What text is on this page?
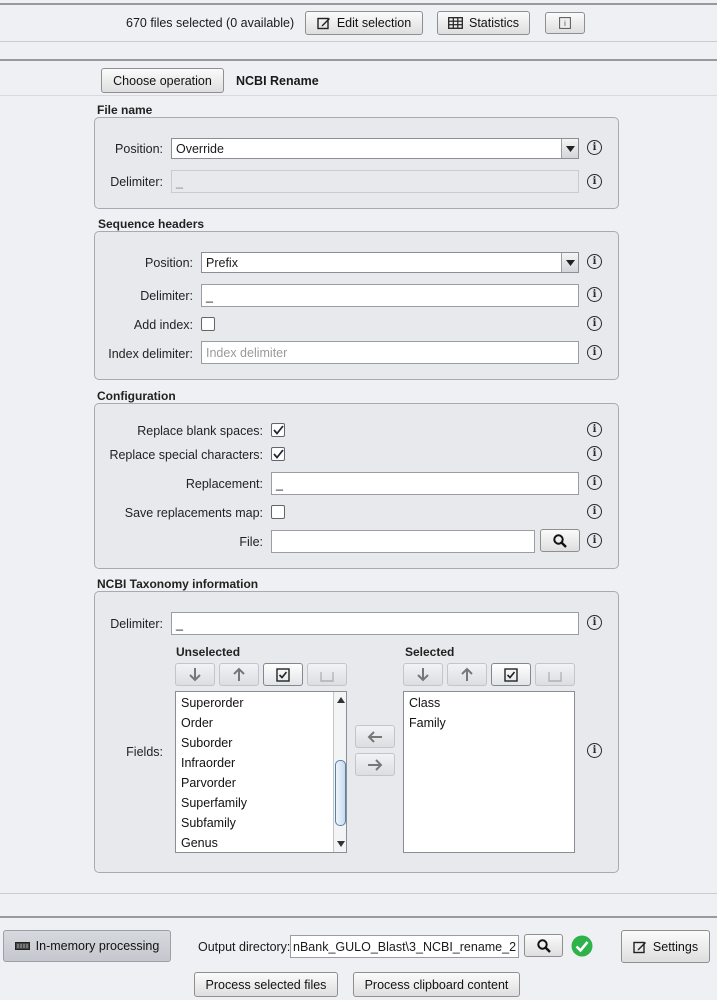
670 files selected (0 available)	Edit selection	Statistics	i
Choose operation NCBI Rename
File name
Position: Override	i
Delimiter: _	i
Sequence headers
Position: Prefix	i
Delimiter: _	i
Add index:	i
Index delimiter: Index delimiter	i
Configuration
Replace blank spaces:	i
Replace special characters:	i
Replacement: _	i
Save replacements map:	i
File:	i
NCBI Taxonomy information
Delimiter: _	i
Unselected
Superorder
Order
Suborder
Infraorder
Parvorder
Superfamily
Subfamily
Genus
Fields:
Selected
Class
Family
i
In-memory processing	Output directory: nBank_GULO_Blast\3_NCBI_rename_2	Settings
Process selected files	Process clipboard content
